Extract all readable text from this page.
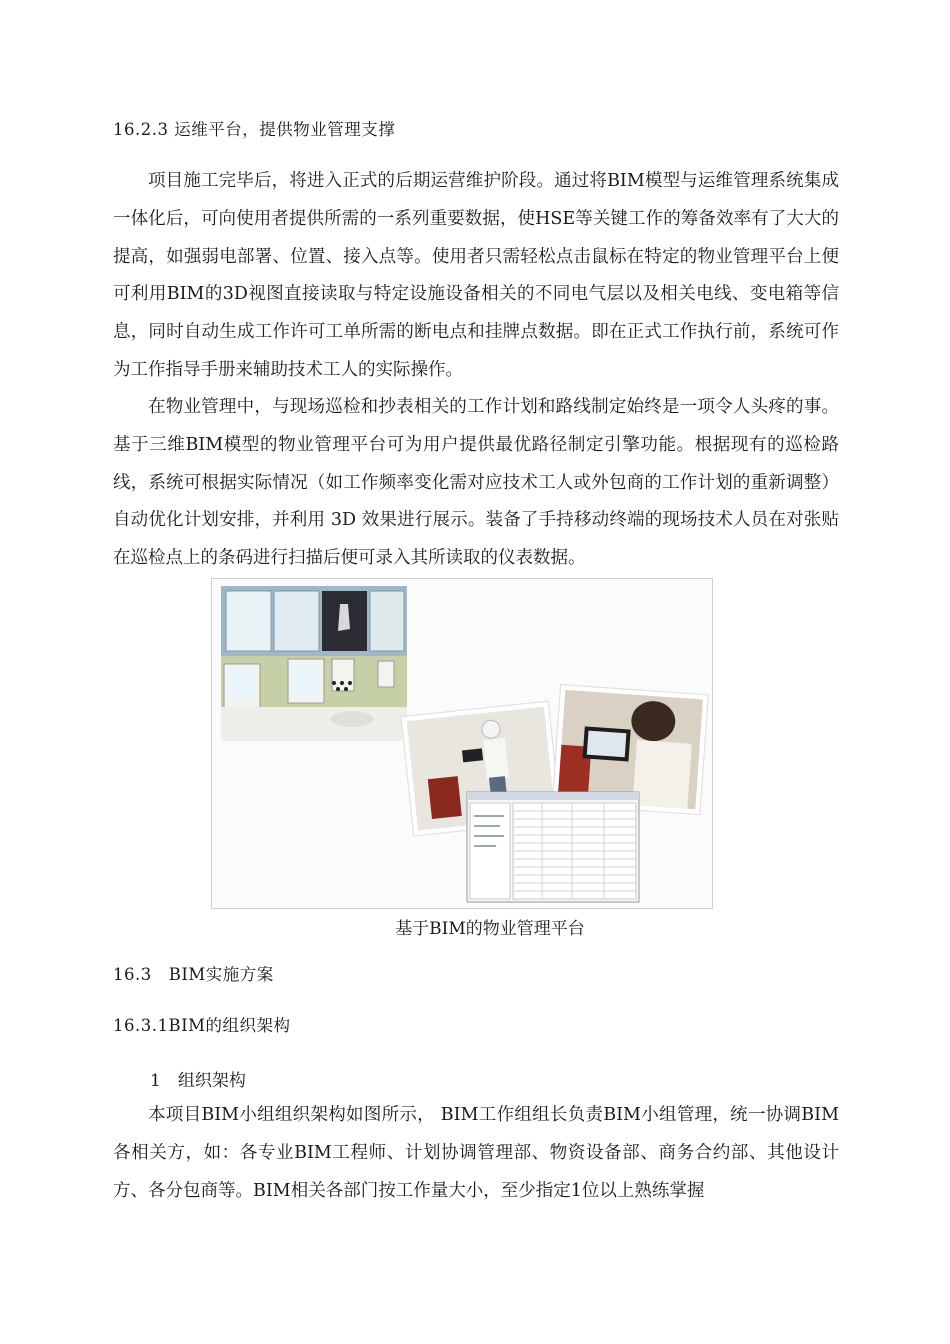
16.2.3 运维平台，提供物业管理支撑

项目施工完毕后，将进入正式的后期运营维护阶段。通过将BIM模型与运维管理系统集成一体化后，可向使用者提供所需的一系列重要数据，使HSE等关键工作的筹备效率有了大大的提高，如强弱电部署、位置、接入点等。使用者只需轻松点击鼠标在特定的物业管理平台上便可利用BIM的3D视图直接读取与特定设施设备相关的不同电气层以及相关电线、变电箱等信息，同时自动生成工作许可工单所需的断电点和挂牌点数据。即在正式工作执行前，系统可作为工作指导手册来辅助技术工人的实际操作。

在物业管理中，与现场巡检和抄表相关的工作计划和路线制定始终是一项令人头疼的事。基于三维BIM模型的物业管理平台可为用户提供最优路径制定引擎功能。根据现有的巡检路线，系统可根据实际情况（如工作频率变化需对应技术工人或外包商的工作计划的重新调整）自动优化计划安排，并利用 3D 效果进行展示。装备了手持移动终端的现场技术人员在对张贴在巡检点上的条码进行扫描后便可录入其所读取的仪表数据。

基于BIM的物业管理平台
16.3　BIM实施方案
16.3.1BIM的组织架构
1　组织架构

本项目BIM小组组织架构如图所示， BIM工作组组长负责BIM小组管理，统一协调BIM各相关方，如：各专业BIM工程师、计划协调管理部、物资设备部、商务合约部、其他设计方、各分包商等。BIM相关各部门按工作量大小，至少指定1位以上熟练掌握
